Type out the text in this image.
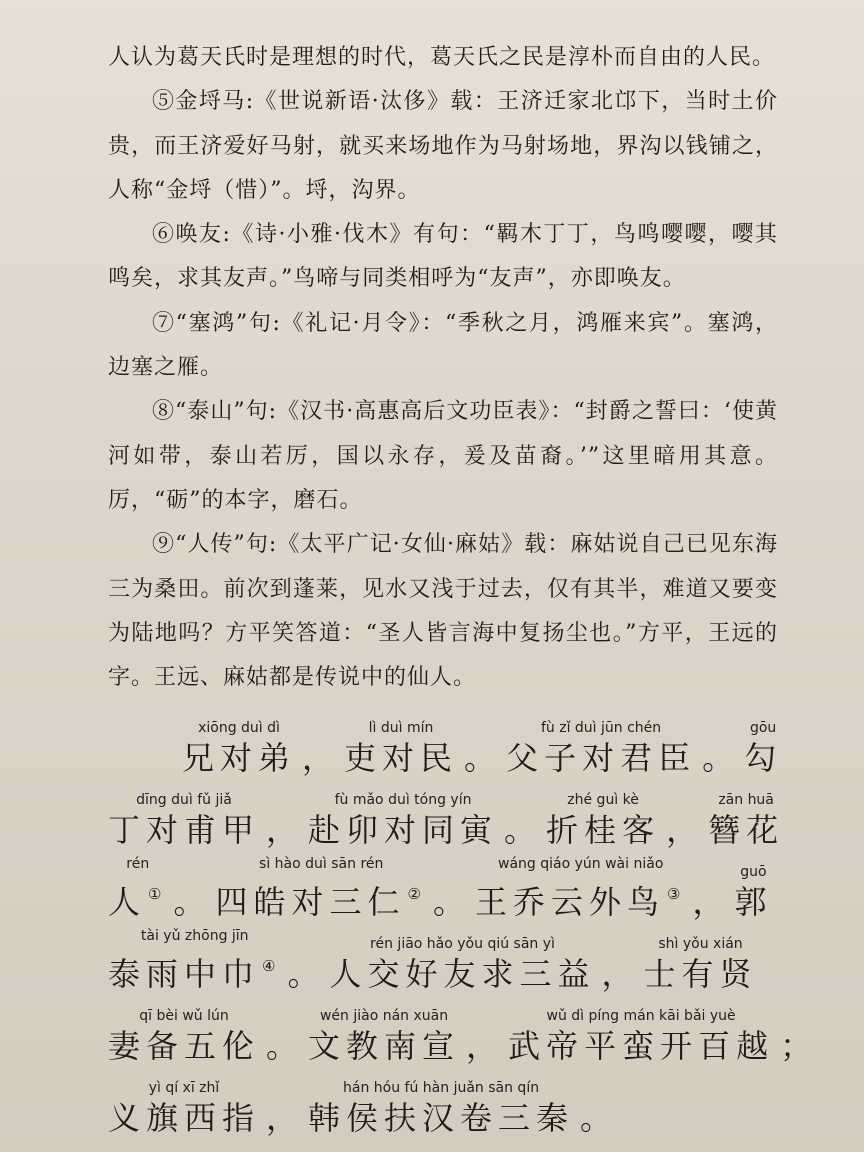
人认为葛天氏时是理想的时代，葛天氏之民是淳朴而自由的人民。

⑤金埒马:《世说新语·汰侈》载：王济迁家北邙下，当时土价贵，而王济爱好马射，就买来场地作为马射场地，界沟以钱铺之，人称“金埒（惜）”。埒，沟界。

⑥唤友:《诗·小雅·伐木》有句：“羁木丁丁，鸟鸣嘤嘤，嘤其鸣矣，求其友声。”鸟啼与同类相呼为“友声”，亦即唤友。

⑦“塞鸿”句:《礼记·月令》：“季秋之月，鸿雁来宾”。塞鸿，边塞之雁。

⑧“泰山”句:《汉书·高惠高后文功臣表》：“封爵之誓曰：‘使黄河如带，泰山若厉，国以永存，爰及苗裔。’”这里暗用其意。厉，“砺”的本字，磨石。

⑨“人传”句:《太平广记·女仙·麻姑》载：麻姑说自己已见东海三为桑田。前次到蓬莱，见水又浅于过去，仅有其半，难道又要变为陆地吗？方平笑答道：“圣人皆言海中复扬尘也。”方平，王远的字。王远、麻姑都是传说中的仙人。

xiōng duì dì
兄对弟 ，
lì duì mín
吏对民 。
fù zǐ duì jūn chén
父子对君臣 。
gōu
勾
dīng duì fǔ jiǎ
丁对甫甲 ，
fù mǎo duì tóng yín
赴卯对同寅 。
zhé guì kè
折桂客 ，
zān huā
簪花
rén
人 ① 。
sì hào duì sān rén
四皓对三仁 ② 。
wáng qiáo yún wài niǎo
王乔云外鸟 ③ ，
guō
郭
tài yǔ zhōng jīn
泰雨中巾 ④ 。
rén jiāo hǎo yǒu qiú sān yì
人交好友求三益 ，
shì yǒu xián
士有贤
qī bèi wǔ lún
妻备五伦 。
wén jiào nán xuān
文教南宣 ，
wǔ dì píng mán kāi bǎi yuè
武帝平蛮开百越 ；
yì qí xī zhǐ
义旗西指 ，
hán hóu fú hàn juǎn sān qín
韩侯扶汉卷三秦 。
